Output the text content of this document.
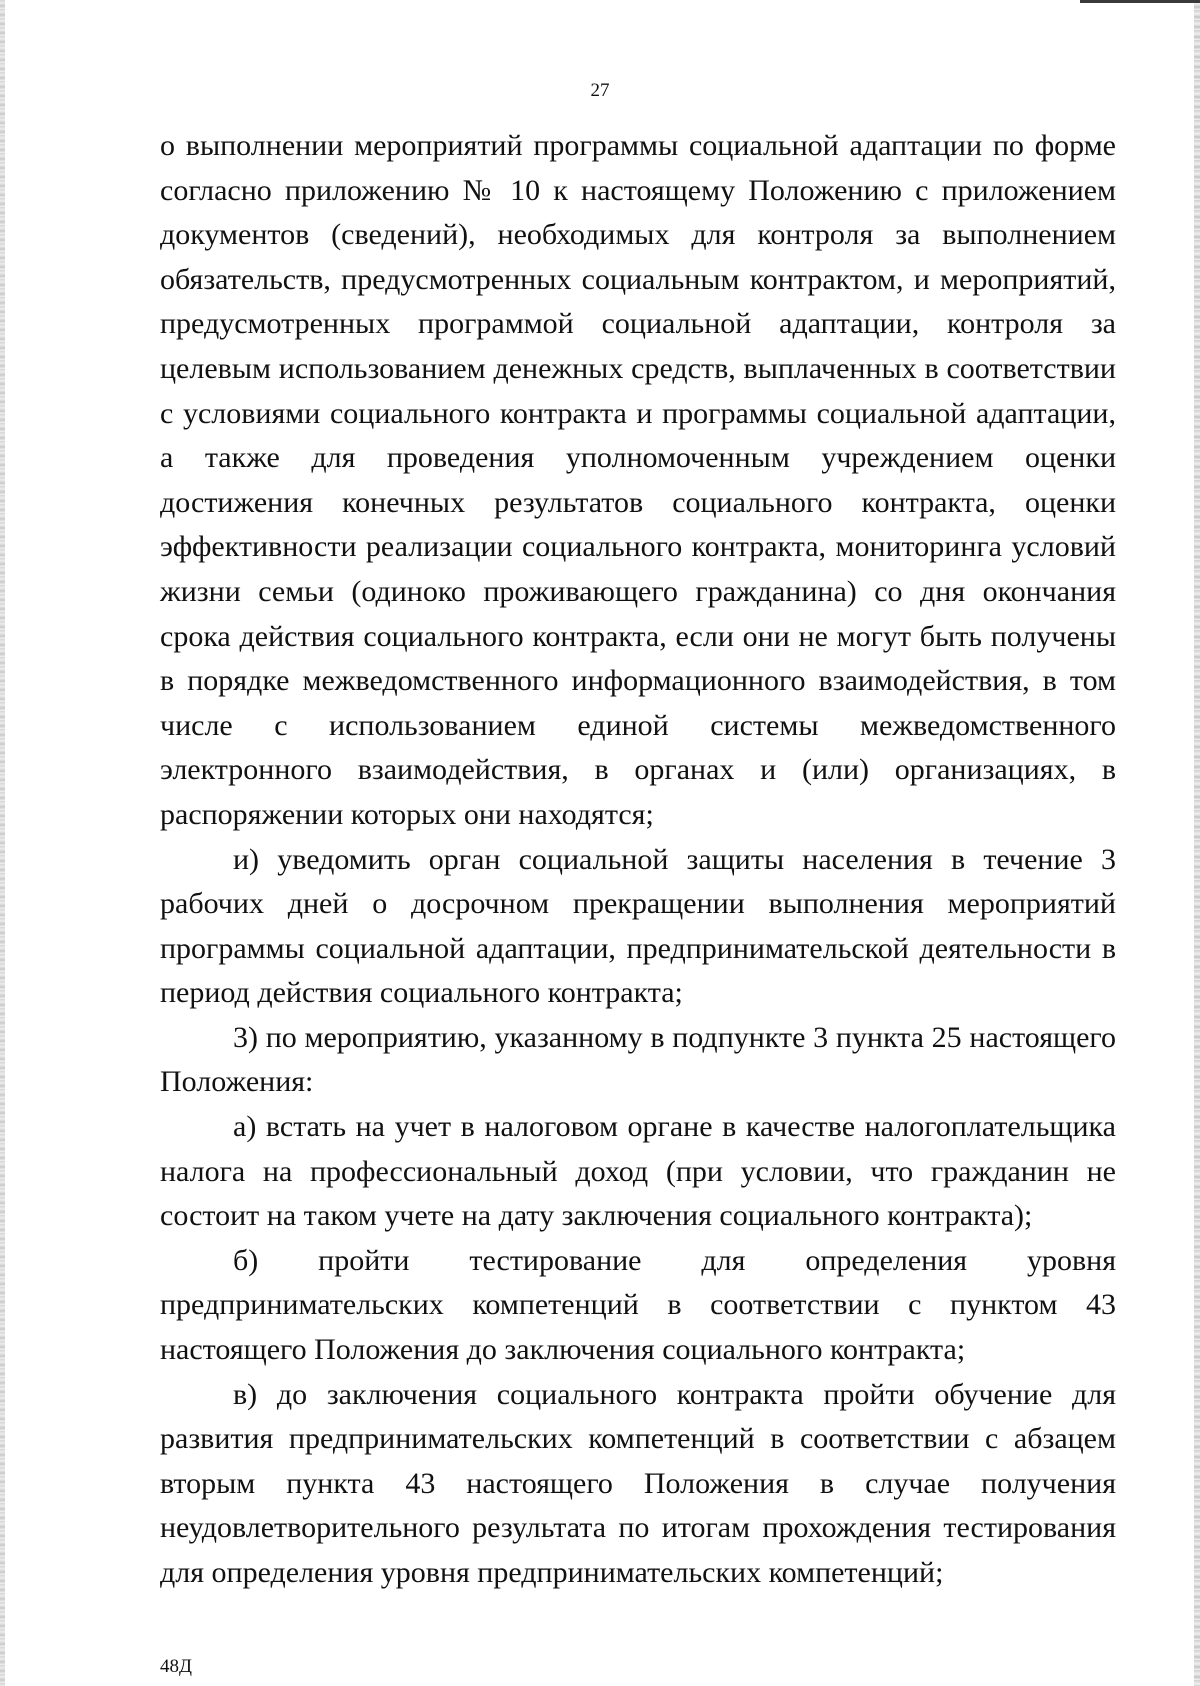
27

о выполнении мероприятий программы социальной адаптации по форме согласно приложению № 10 к настоящему Положению с приложением документов (сведений), необходимых для контроля за выполнением обязательств, предусмотренных социальным контрактом, и мероприятий, предусмотренных программой социальной адаптации, контроля за целевым использованием денежных средств, выплаченных в соответствии с условиями социального контракта и программы социальной адаптации, а также для проведения уполномоченным учреждением оценки достижения конечных результатов социального контракта, оценки эффективности реализации социального контракта, мониторинга условий жизни семьи (одиноко проживающего гражданина) со дня окончания срока действия социального контракта, если они не могут быть получены в порядке межведомственного информационного взаимодействия, в том числе с использованием единой системы межведомственного электронного взаимодействия, в органах и (или) организациях, в распоряжении которых они находятся;

и) уведомить орган социальной защиты населения в течение 3 рабочих дней о досрочном прекращении выполнения мероприятий программы социальной адаптации, предпринимательской деятельности в период действия социального контракта;

3) по мероприятию, указанному в подпункте 3 пункта 25 настоящего Положения:

а) встать на учет в налоговом органе в качестве налогоплательщика налога на профессиональный доход (при условии, что гражданин не состоит на таком учете на дату заключения социального контракта);

б) пройти тестирование для определения уровня предпринимательских компетенций в соответствии с пунктом 43 настоящего Положения до заключения социального контракта;

в) до заключения социального контракта пройти обучение для развития предпринимательских компетенций в соответствии с абзацем вторым пункта 43 настоящего Положения в случае получения неудовлетворительного результата по итогам прохождения тестирования для определения уровня предпринимательских компетенций;

48Д
